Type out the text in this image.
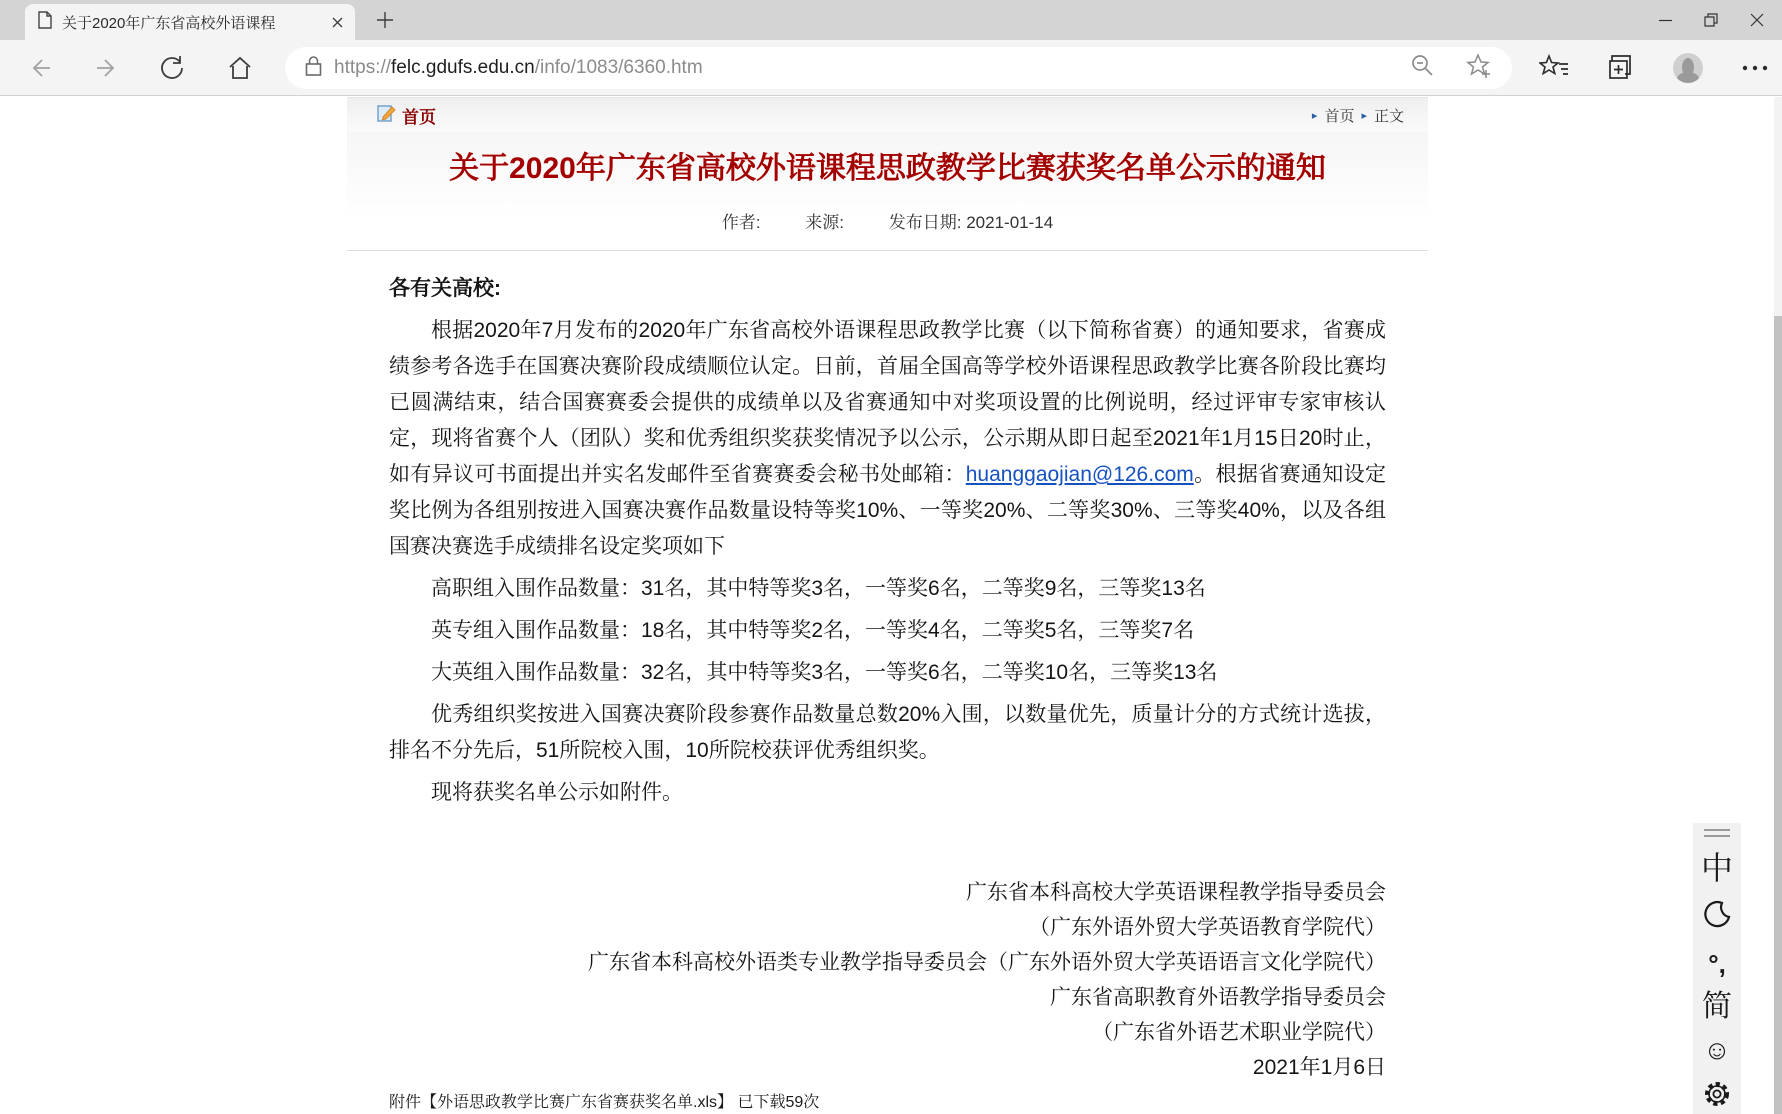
关于2020年广东省高校外语课程
https://felc.gdufs.edu.cn/info/1083/6360.htm
首页	▸ 首页 ▸ 正文
关于2020年广东省高校外语课程思政教学比赛获奖名单公示的通知
作者:	来源:	发布日期: 2021-01-14

各有关高校:

根据2020年7月发布的2020年广东省高校外语课程思政教学比赛（以下简称省赛）的通知要求，省赛成绩参考各选手在国赛决赛阶段成绩顺位认定。日前，首届全国高等学校外语课程思政教学比赛各阶段比赛均已圆满结束，结合国赛赛委会提供的成绩单以及省赛通知中对奖项设置的比例说明，经过评审专家审核认定，现将省赛个人（团队）奖和优秀组织奖获奖情况予以公示，公示期从即日起至2021年1月15日20时止，如有异议可书面提出并实名发邮件至省赛赛委会秘书处邮箱：huanggaojian@126.com。根据省赛通知设定奖比例为各组别按进入国赛决赛作品数量设特等奖10%、一等奖20%、二等奖30%、三等奖40%，以及各组国赛决赛选手成绩排名设定奖项如下

高职组入围作品数量：31名，其中特等奖3名，一等奖6名，二等奖9名，三等奖13名

英专组入围作品数量：18名，其中特等奖2名，一等奖4名，二等奖5名，三等奖7名

大英组入围作品数量：32名，其中特等奖3名，一等奖6名，二等奖10名，三等奖13名

优秀组织奖按进入国赛决赛阶段参赛作品数量总数20%入围，以数量优先，质量计分的方式统计选拔，排名不分先后，51所院校入围，10所院校获评优秀组织奖。

现将获奖名单公示如附件。

广东省本科高校大学英语课程教学指导委员会
（广东外语外贸大学英语教育学院代）
广东省本科高校外语类专业教学指导委员会（广东外语外贸大学英语语言文化学院代）
广东省高职教育外语教学指导委员会
（广东省外语艺术职业学院代）
2021年1月6日

附件【外语思政教学比赛广东省赛获奖名单.xls】 已下载59次

中
°,
简
☺
